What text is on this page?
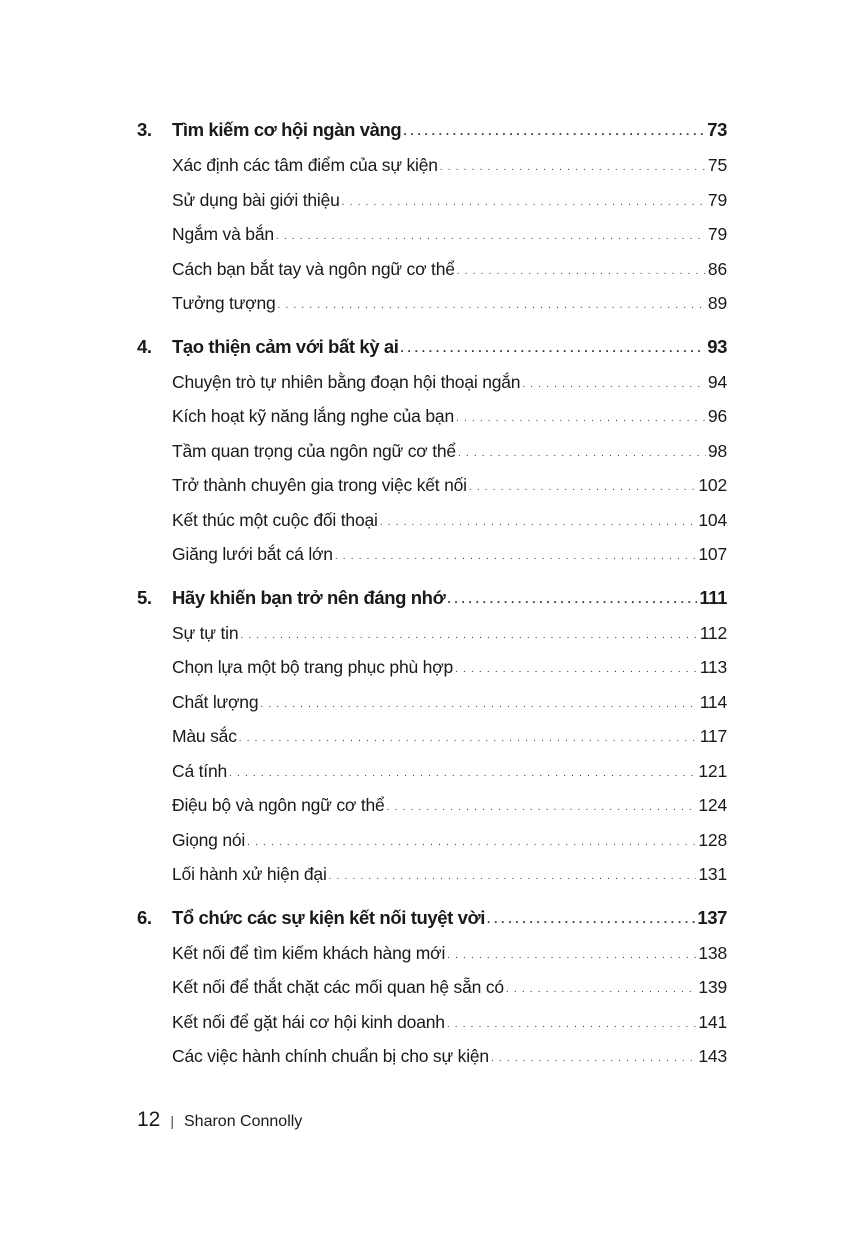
3.	Tìm kiếm cơ hội ngàn vàng . . .	73
Xác định các tâm điểm của sự kiện . . .	75
Sử dụng bài giới thiệu . . .	79
Ngắm và bắn . . .	79
Cách bạn bắt tay và ngôn ngữ cơ thể . . .	86
Tưởng tượng . . .	89
4.	Tạo thiện cảm với bất kỳ ai . . .	93
Chuyện trò tự nhiên bằng đoạn hội thoại ngắn . . .	94
Kích hoạt kỹ năng lắng nghe của bạn . . .	96
Tầm quan trọng của ngôn ngữ cơ thể . . .	98
Trở thành chuyên gia trong việc kết nối . . .	102
Kết thúc một cuộc đối thoại . . .	104
Giăng lưới bắt cá lớn . . .	107
5.	Hãy khiến bạn trở nên đáng nhớ . . .	111
Sự tự tin . . .	112
Chọn lựa một bộ trang phục phù hợp . . .	113
Chất lượng . . .	114
Màu sắc . . .	117
Cá tính . . .	121
Điệu bộ và ngôn ngữ cơ thể . . .	124
Giọng nói . . .	128
Lối hành xử hiện đại . . .	131
6.	Tổ chức các sự kiện kết nối tuyệt vời . . .	137
Kết nối để tìm kiếm khách hàng mới . . .	138
Kết nối để thắt chặt các mối quan hệ sẵn có . . .	139
Kết nối để gặt hái cơ hội kinh doanh . . .	141
Các việc hành chính chuẩn bị cho sự kiện . . .	143
12 | Sharon Connolly
